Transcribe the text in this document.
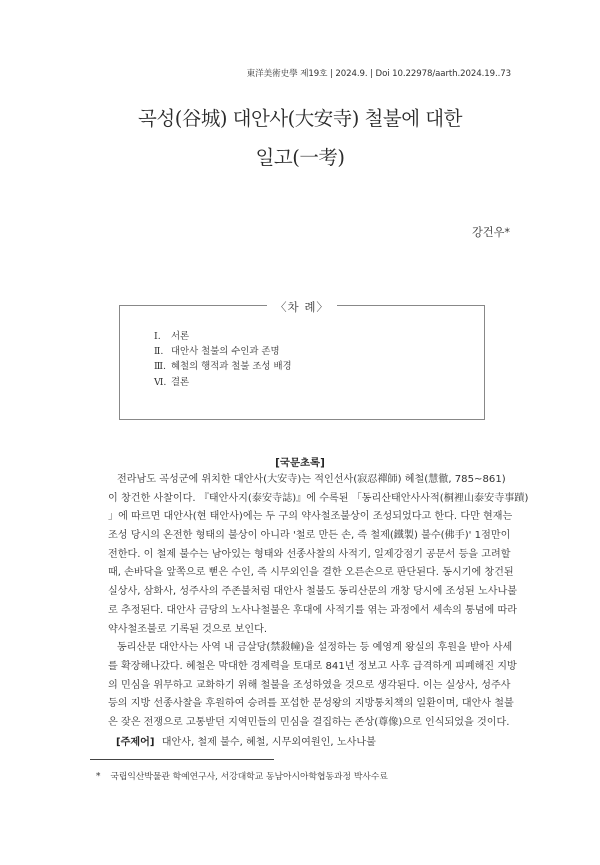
東洋美術史學 제19호 | 2024.9. | Doi 10.22978/aarth.2024.19..73
곡성(谷城) 대안사(大安寺) 철불에 대한
일고(一考)
강건우*
〈차 례〉
Ⅰ. 서론
Ⅱ. 대안사 철불의 수인과 존명
Ⅲ. 혜철의 행적과 철불 조성 배경
Ⅵ. 결론
[국문초록]
전라남도 곡성군에 위치한 대안사(大安寺)는 적인선사(寂忍禪師) 혜철(慧徹, 785~861)
이 창건한 사찰이다. 『태안사지(泰安寺誌)』에 수록된 「동리산태안사사적(桐裡山泰安寺事蹟)
」에 따르면 대안사(현 태안사)에는 두 구의 약사철조불상이 조성되었다고 한다. 다만 현재는
조성 당시의 온전한 형태의 불상이 아니라 '철로 만든 손, 즉 철제(鐵製) 불수(佛手)' 1점만이
전한다. 이 철제 불수는 남아있는 형태와 선종사찰의 사적기, 일제강점기 공문서 등을 고려할
때, 손바닥을 앞쪽으로 뻗은 수인, 즉 시무외인을 결한 오른손으로 판단된다. 동시기에 창건된
실상사, 삼화사, 성주사의 주존불처럼 대안사 철불도 동리산문의 개창 당시에 조성된 노사나불
로 추정된다. 대안사 금당의 노사나철불은 후대에 사적기를 엮는 과정에서 세속의 통념에 따라
약사철조불로 기록된 것으로 보인다.
동리산문 대안사는 사역 내 금살당(禁殺幢)을 설정하는 등 예영계 왕실의 후원을 받아 사세
를 확장해나갔다. 혜철은 막대한 경제력을 토대로 841년 정보고 사후 급격하게 피폐해진 지방
의 민심을 위무하고 교화하기 위해 철불을 조성하였을 것으로 생각된다. 이는 실상사, 성주사
등의 지방 선종사찰을 후원하여 승려를 포섭한 문성왕의 지방통치책의 일환이며, 대안사 철불
은 잦은 전쟁으로 고통받던 지역민들의 민심을 결집하는 존상(尊像)으로 인식되었을 것이다.
[주제어] 대안사, 철제 불수, 혜철, 시무외여원인, 노사나불
* 국립익산박물관 학예연구사, 서강대학교 동남아시아학협동과정 박사수료
